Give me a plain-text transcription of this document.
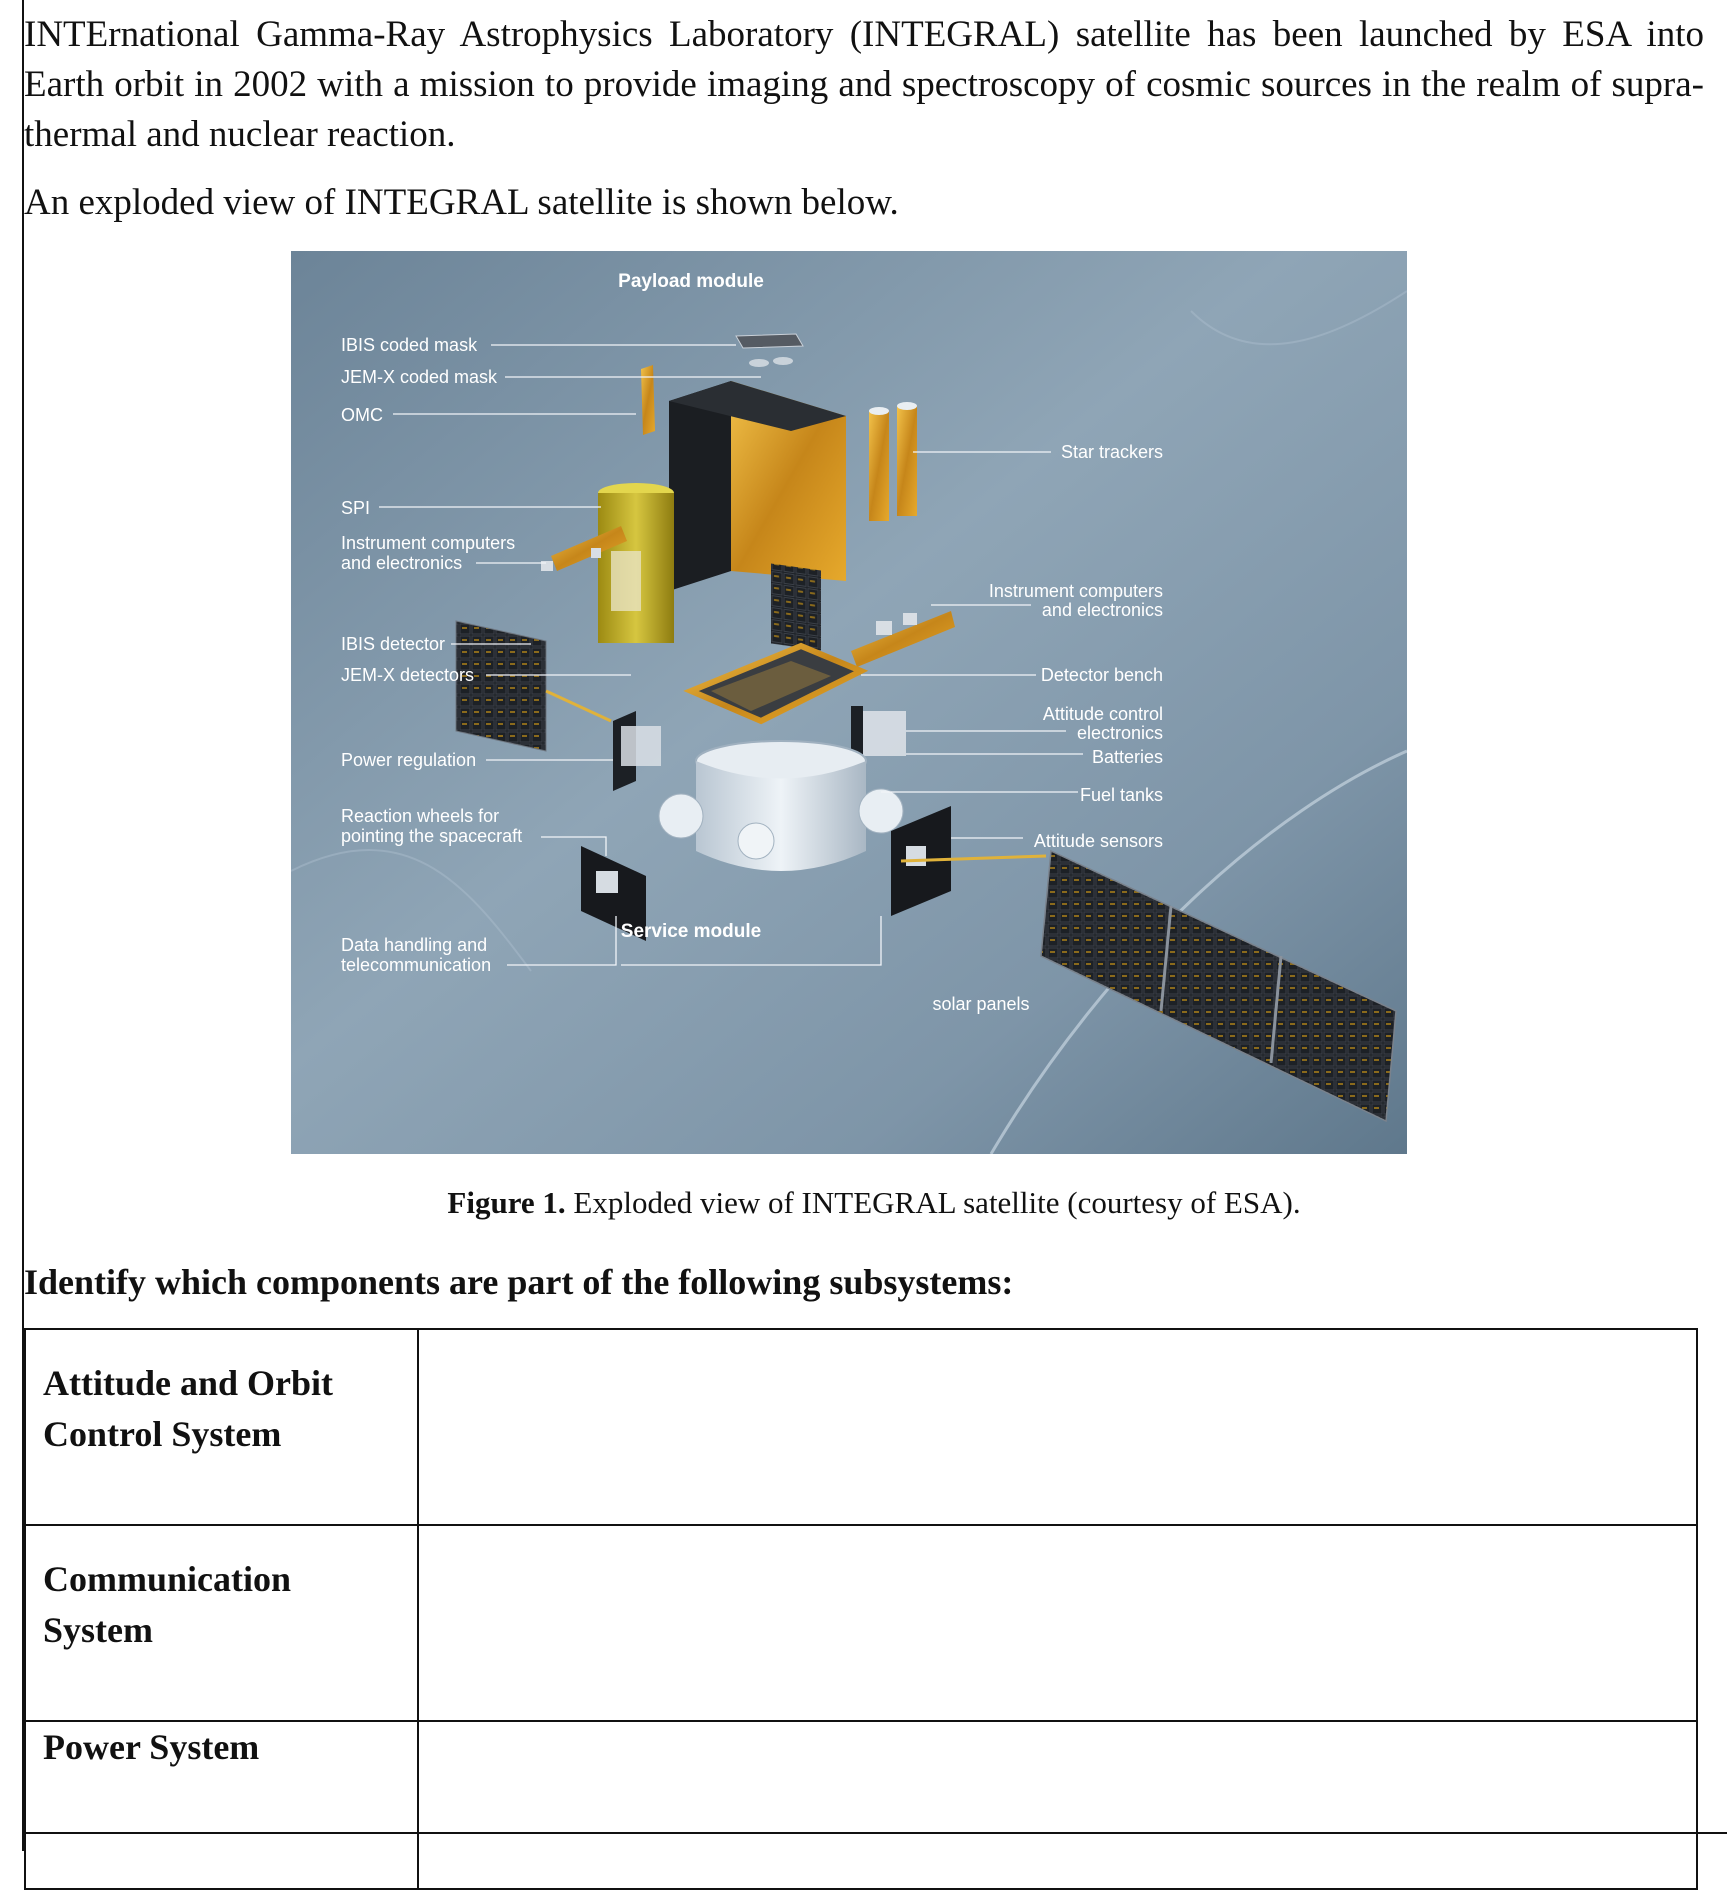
INTErnational Gamma-Ray Astrophysics Laboratory (INTEGRAL) satellite has been launched by ESA into Earth orbit in 2002 with a mission to provide imaging and spectroscopy of cosmic sources in the realm of supra-thermal and nuclear reaction.

An exploded view of INTEGRAL satellite is shown below.

Payload module
IBIS coded mask
JEM-X coded mask
OMC
SPI
Instrument computers
and electronics
IBIS detector
JEM-X detectors
Power regulation
Reaction wheels for
pointing the spacecraft
Data handling and
telecommunication
Star trackers
Instrument computers
and electronics
Detector bench
Attitude control
electronics
Batteries
Fuel tanks
Attitude sensors
Service module
solar panels
Figure 1. Exploded view of INTEGRAL satellite (courtesy of ESA).
Identify which components are part of the following subsystems:
Attitude and Orbit
Control System	
Communication
System	
Power System	
